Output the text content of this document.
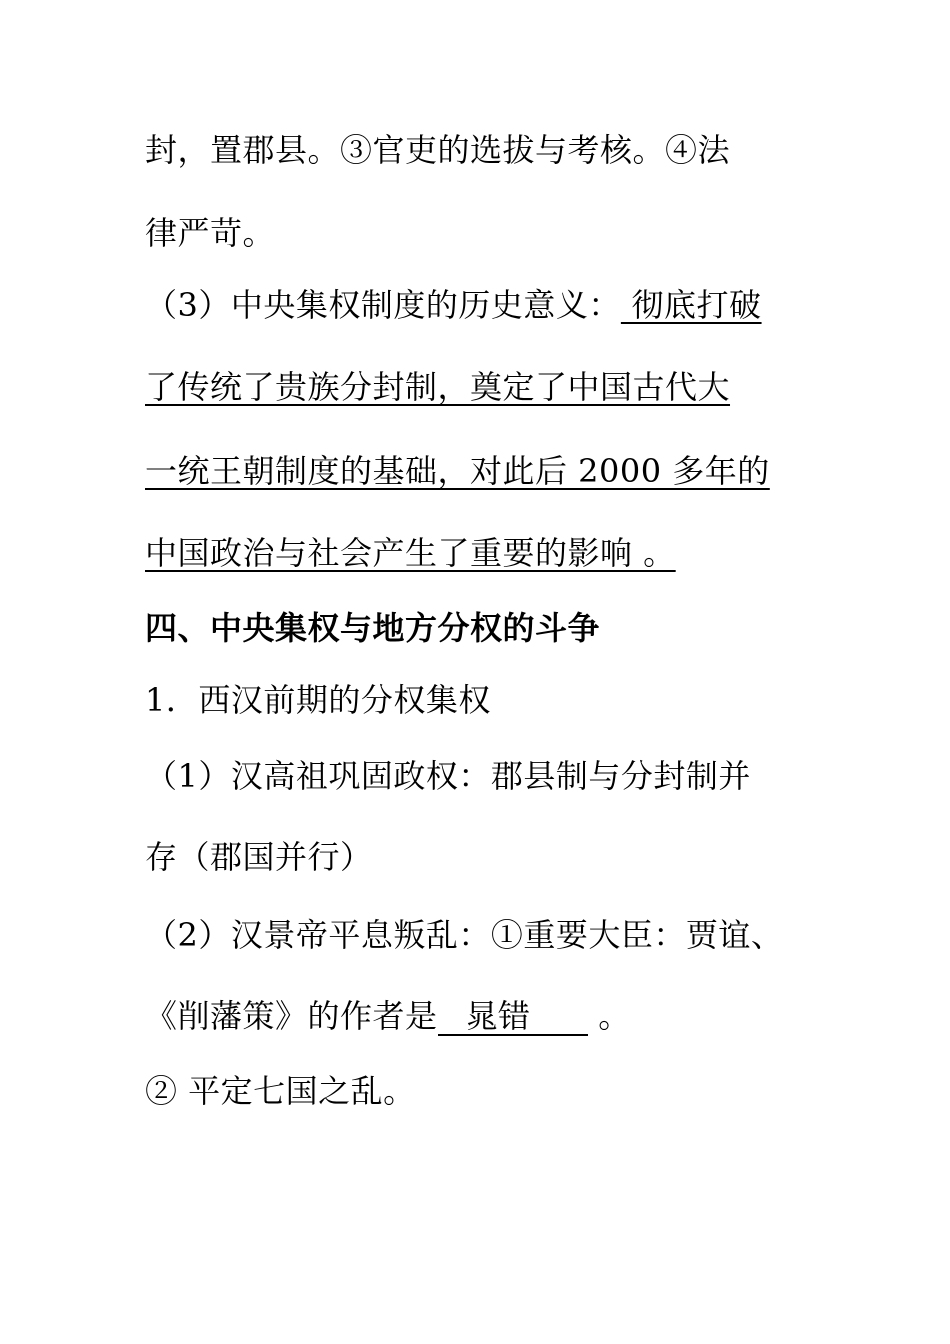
封，置郡县。③官吏的选拔与考核。④法
律严苛。
（3）中央集权制度的历史意义： 彻底打破
了传统了贵族分封制，奠定了中国古代大
一统王朝制度的基础，对此后 2000 多年的
中国政治与社会产生了重要的影响 。
四、中央集权与地方分权的斗争
1．西汉前期的分权集权
（1）汉高祖巩固政权：郡县制与分封制并
存（郡国并行）
（2）汉景帝平息叛乱：①重要大臣：贾谊、
《削藩策》的作者是 晁错 。
② 平定七国之乱。
